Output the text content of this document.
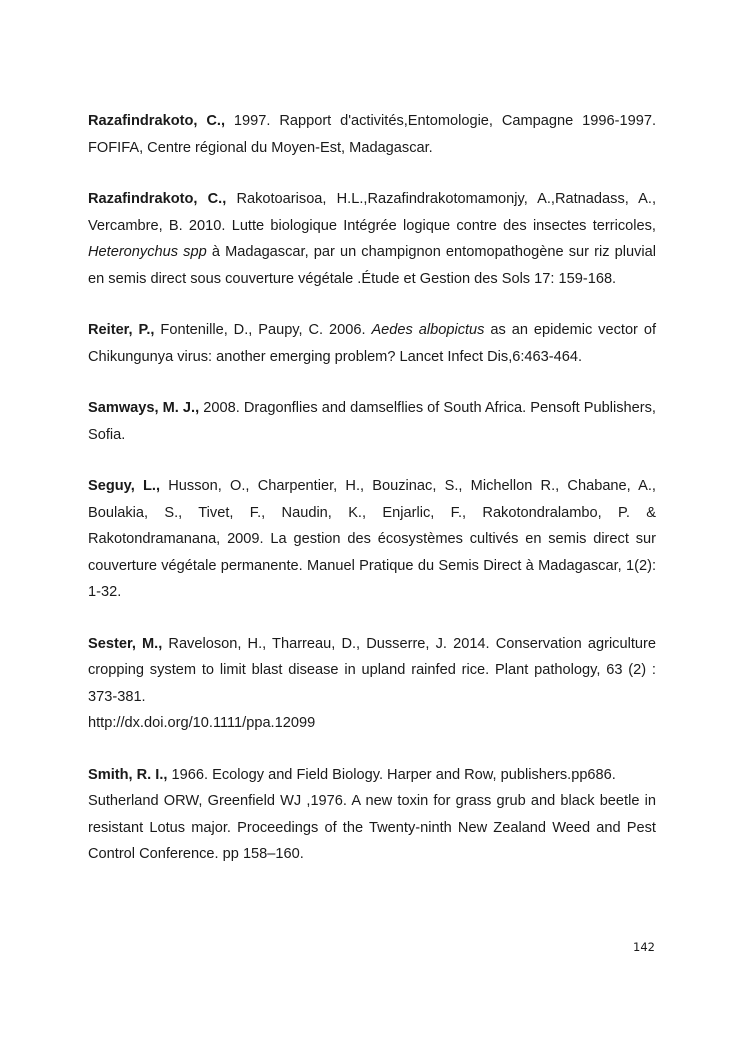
Razafindrakoto, C., 1997. Rapport d'activités,Entomologie, Campagne 1996-1997. FOFIFA, Centre régional du Moyen-Est, Madagascar.

Razafindrakoto, C., Rakotoarisoa, H.L.,Razafindrakotomamonjy, A.,Ratnadass, A., Vercambre, B. 2010. Lutte biologique Intégrée logique contre des insectes terricoles, Heteronychus spp à Madagascar, par un champignon entomopathogène sur riz pluvial en semis direct sous couverture végétale .Étude et Gestion des Sols 17: 159-168.

Reiter, P., Fontenille, D., Paupy, C. 2006. Aedes albopictus as an epidemic vector of Chikungunya virus: another emerging problem? Lancet Infect Dis,6:463-464.

Samways, M. J., 2008. Dragonflies and damselflies of South Africa. Pensoft Publishers, Sofia.

Seguy, L., Husson, O., Charpentier, H., Bouzinac, S., Michellon R., Chabane, A., Boulakia, S., Tivet, F., Naudin, K., Enjarlic, F., Rakotondralambo, P. & Rakotondramanana, 2009. La gestion des écosystèmes cultivés en semis direct sur couverture végétale permanente. Manuel Pratique du Semis Direct à Madagascar, 1(2): 1-32.

Sester, M., Raveloson, H., Tharreau, D., Dusserre, J. 2014. Conservation agriculture cropping system to limit blast disease in upland rainfed rice. Plant pathology, 63 (2) : 373-381.

http://dx.doi.org/10.1111/ppa.12099

Smith, R. I., 1966. Ecology and Field Biology. Harper and Row, publishers.pp686.

Sutherland ORW, Greenfield WJ ,1976. A new toxin for grass grub and black beetle in resistant Lotus major. Proceedings of the Twenty-ninth New Zealand Weed and Pest Control Conference. pp 158–160.

142
